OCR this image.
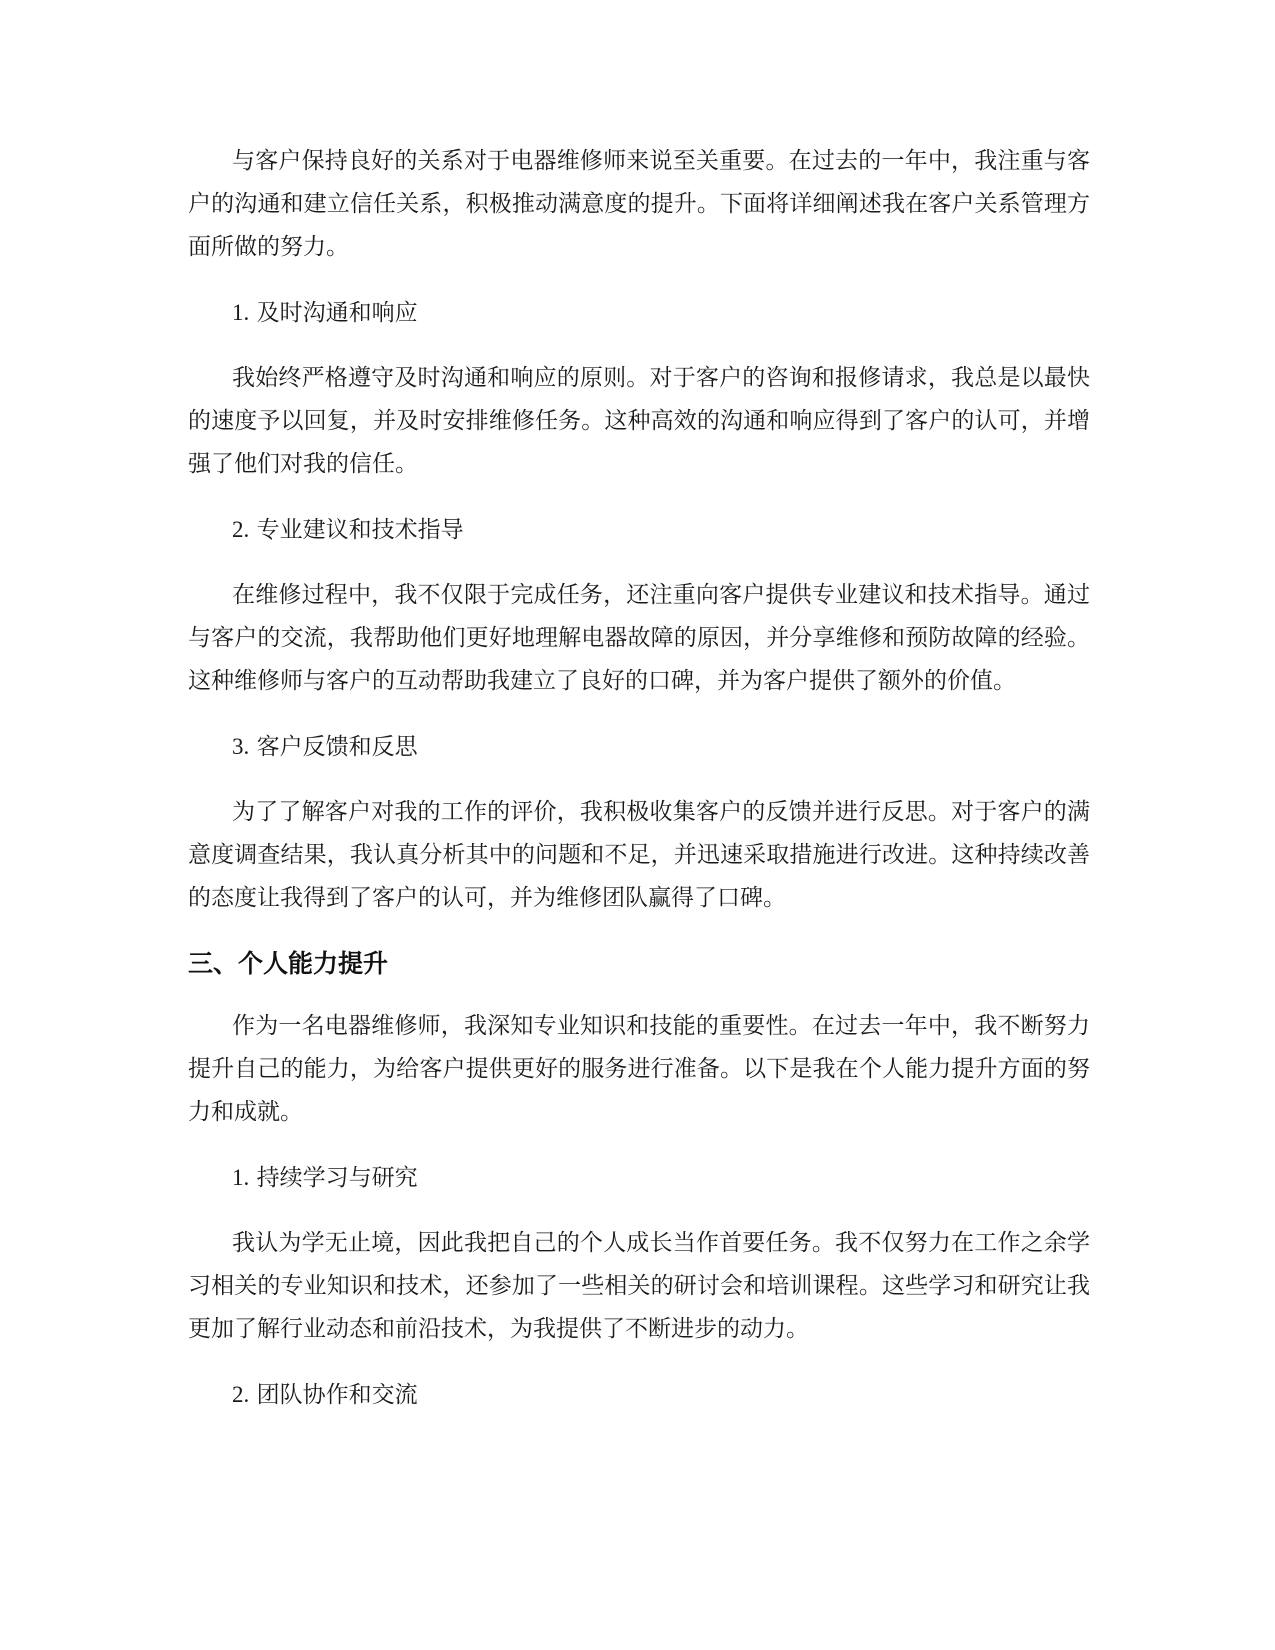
与客户保持良好的关系对于电器维修师来说至关重要。在过去的一年中，我注重与客户的沟通和建立信任关系，积极推动满意度的提升。下面将详细阐述我在客户关系管理方面所做的努力。

1. 及时沟通和响应

我始终严格遵守及时沟通和响应的原则。对于客户的咨询和报修请求，我总是以最快的速度予以回复，并及时安排维修任务。这种高效的沟通和响应得到了客户的认可，并增强了他们对我的信任。

2. 专业建议和技术指导

在维修过程中，我不仅限于完成任务，还注重向客户提供专业建议和技术指导。通过与客户的交流，我帮助他们更好地理解电器故障的原因，并分享维修和预防故障的经验。这种维修师与客户的互动帮助我建立了良好的口碑，并为客户提供了额外的价值。

3. 客户反馈和反思

为了了解客户对我的工作的评价，我积极收集客户的反馈并进行反思。对于客户的满意度调查结果，我认真分析其中的问题和不足，并迅速采取措施进行改进。这种持续改善的态度让我得到了客户的认可，并为维修团队赢得了口碑。

三、个人能力提升

作为一名电器维修师，我深知专业知识和技能的重要性。在过去一年中，我不断努力提升自己的能力，为给客户提供更好的服务进行准备。以下是我在个人能力提升方面的努力和成就。

1. 持续学习与研究

我认为学无止境，因此我把自己的个人成长当作首要任务。我不仅努力在工作之余学习相关的专业知识和技术，还参加了一些相关的研讨会和培训课程。这些学习和研究让我更加了解行业动态和前沿技术，为我提供了不断进步的动力。

2. 团队协作和交流
